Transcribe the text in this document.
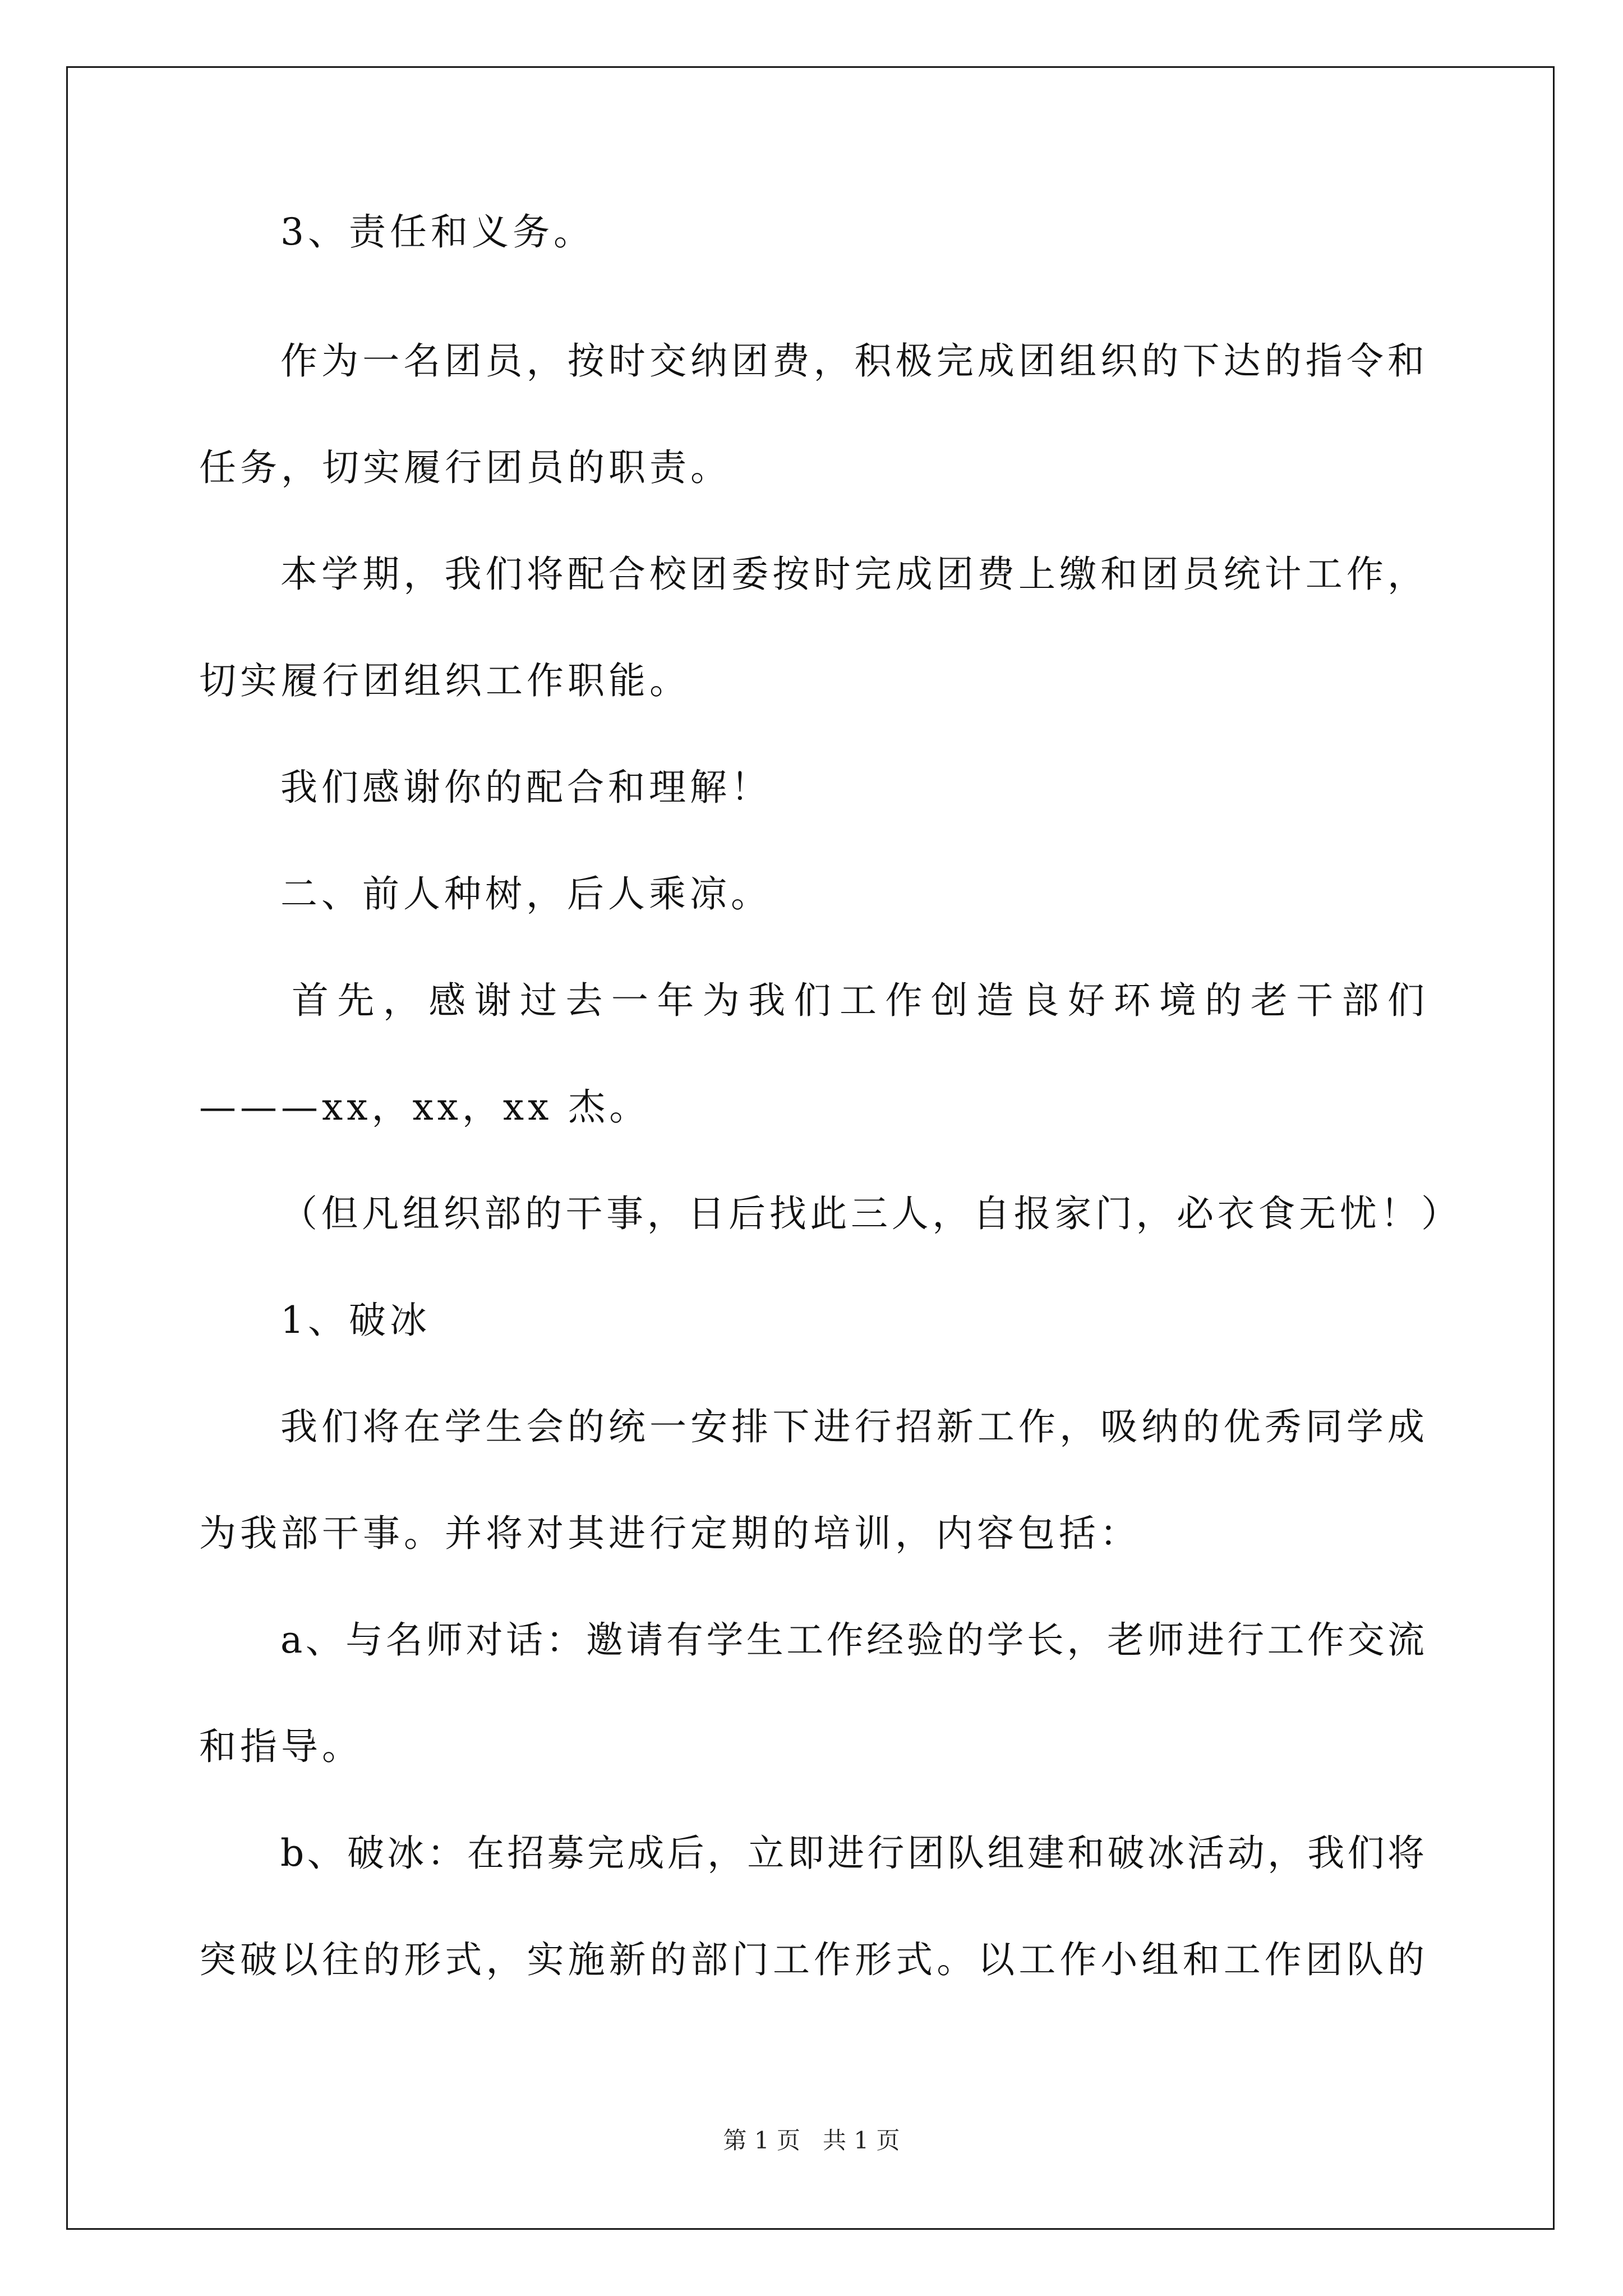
3、责任和义务。
作为一名团员，按时交纳团费，积极完成团组织的下达的指令和
任务，切实履行团员的职责。
本学期，我们将配合校团委按时完成团费上缴和团员统计工作，
切实履行团组织工作职能。
我们感谢你的配合和理解！
二、前人种树，后人乘凉。
首先，感谢过去一年为我们工作创造良好环境的老干部们
———xx，xx，xx 杰。
（但凡组织部的干事，日后找此三人，自报家门，必衣食无忧！）
1、破冰
我们将在学生会的统一安排下进行招新工作，吸纳的优秀同学成
为我部干事。并将对其进行定期的培训，内容包括：
a、与名师对话：邀请有学生工作经验的学长，老师进行工作交流
和指导。
b、破冰：在招募完成后，立即进行团队组建和破冰活动，我们将
突破以往的形式，实施新的部门工作形式。以工作小组和工作团队的
第 1 页   共 1 页
